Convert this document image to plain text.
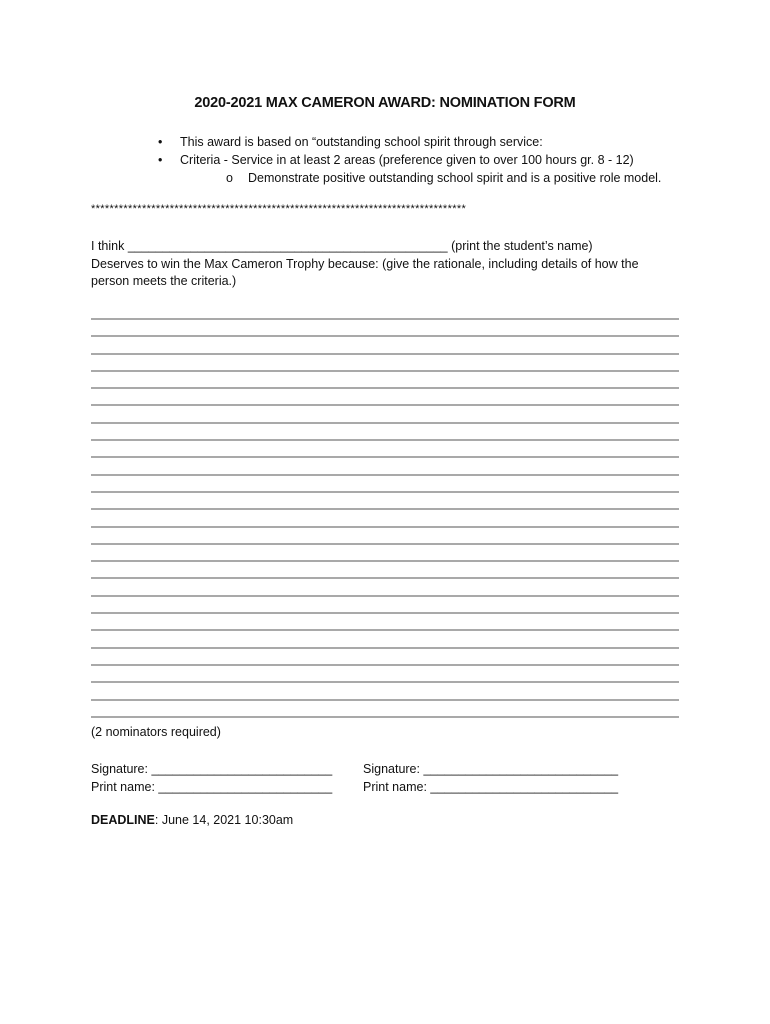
2020-2021 MAX CAMERON AWARD: NOMINATION FORM
• This award is based on “outstanding school spirit through service:
• Criteria - Service in at least 2 areas (preference given to over 100 hours gr. 8 - 12)
o Demonstrate positive outstanding school spirit and is a positive role model.
*********************************************************************************
I think ______________________________________________ (print the student’s name)
Deserves to win the Max Cameron Trophy because: (give the rationale, including details of how the
person meets the criteria.)
(2 nominators required)
Signature: __________________________
Print name: _________________________
Signature: ____________________________
Print name: ___________________________
DEADLINE: June 14, 2021 10:30am
